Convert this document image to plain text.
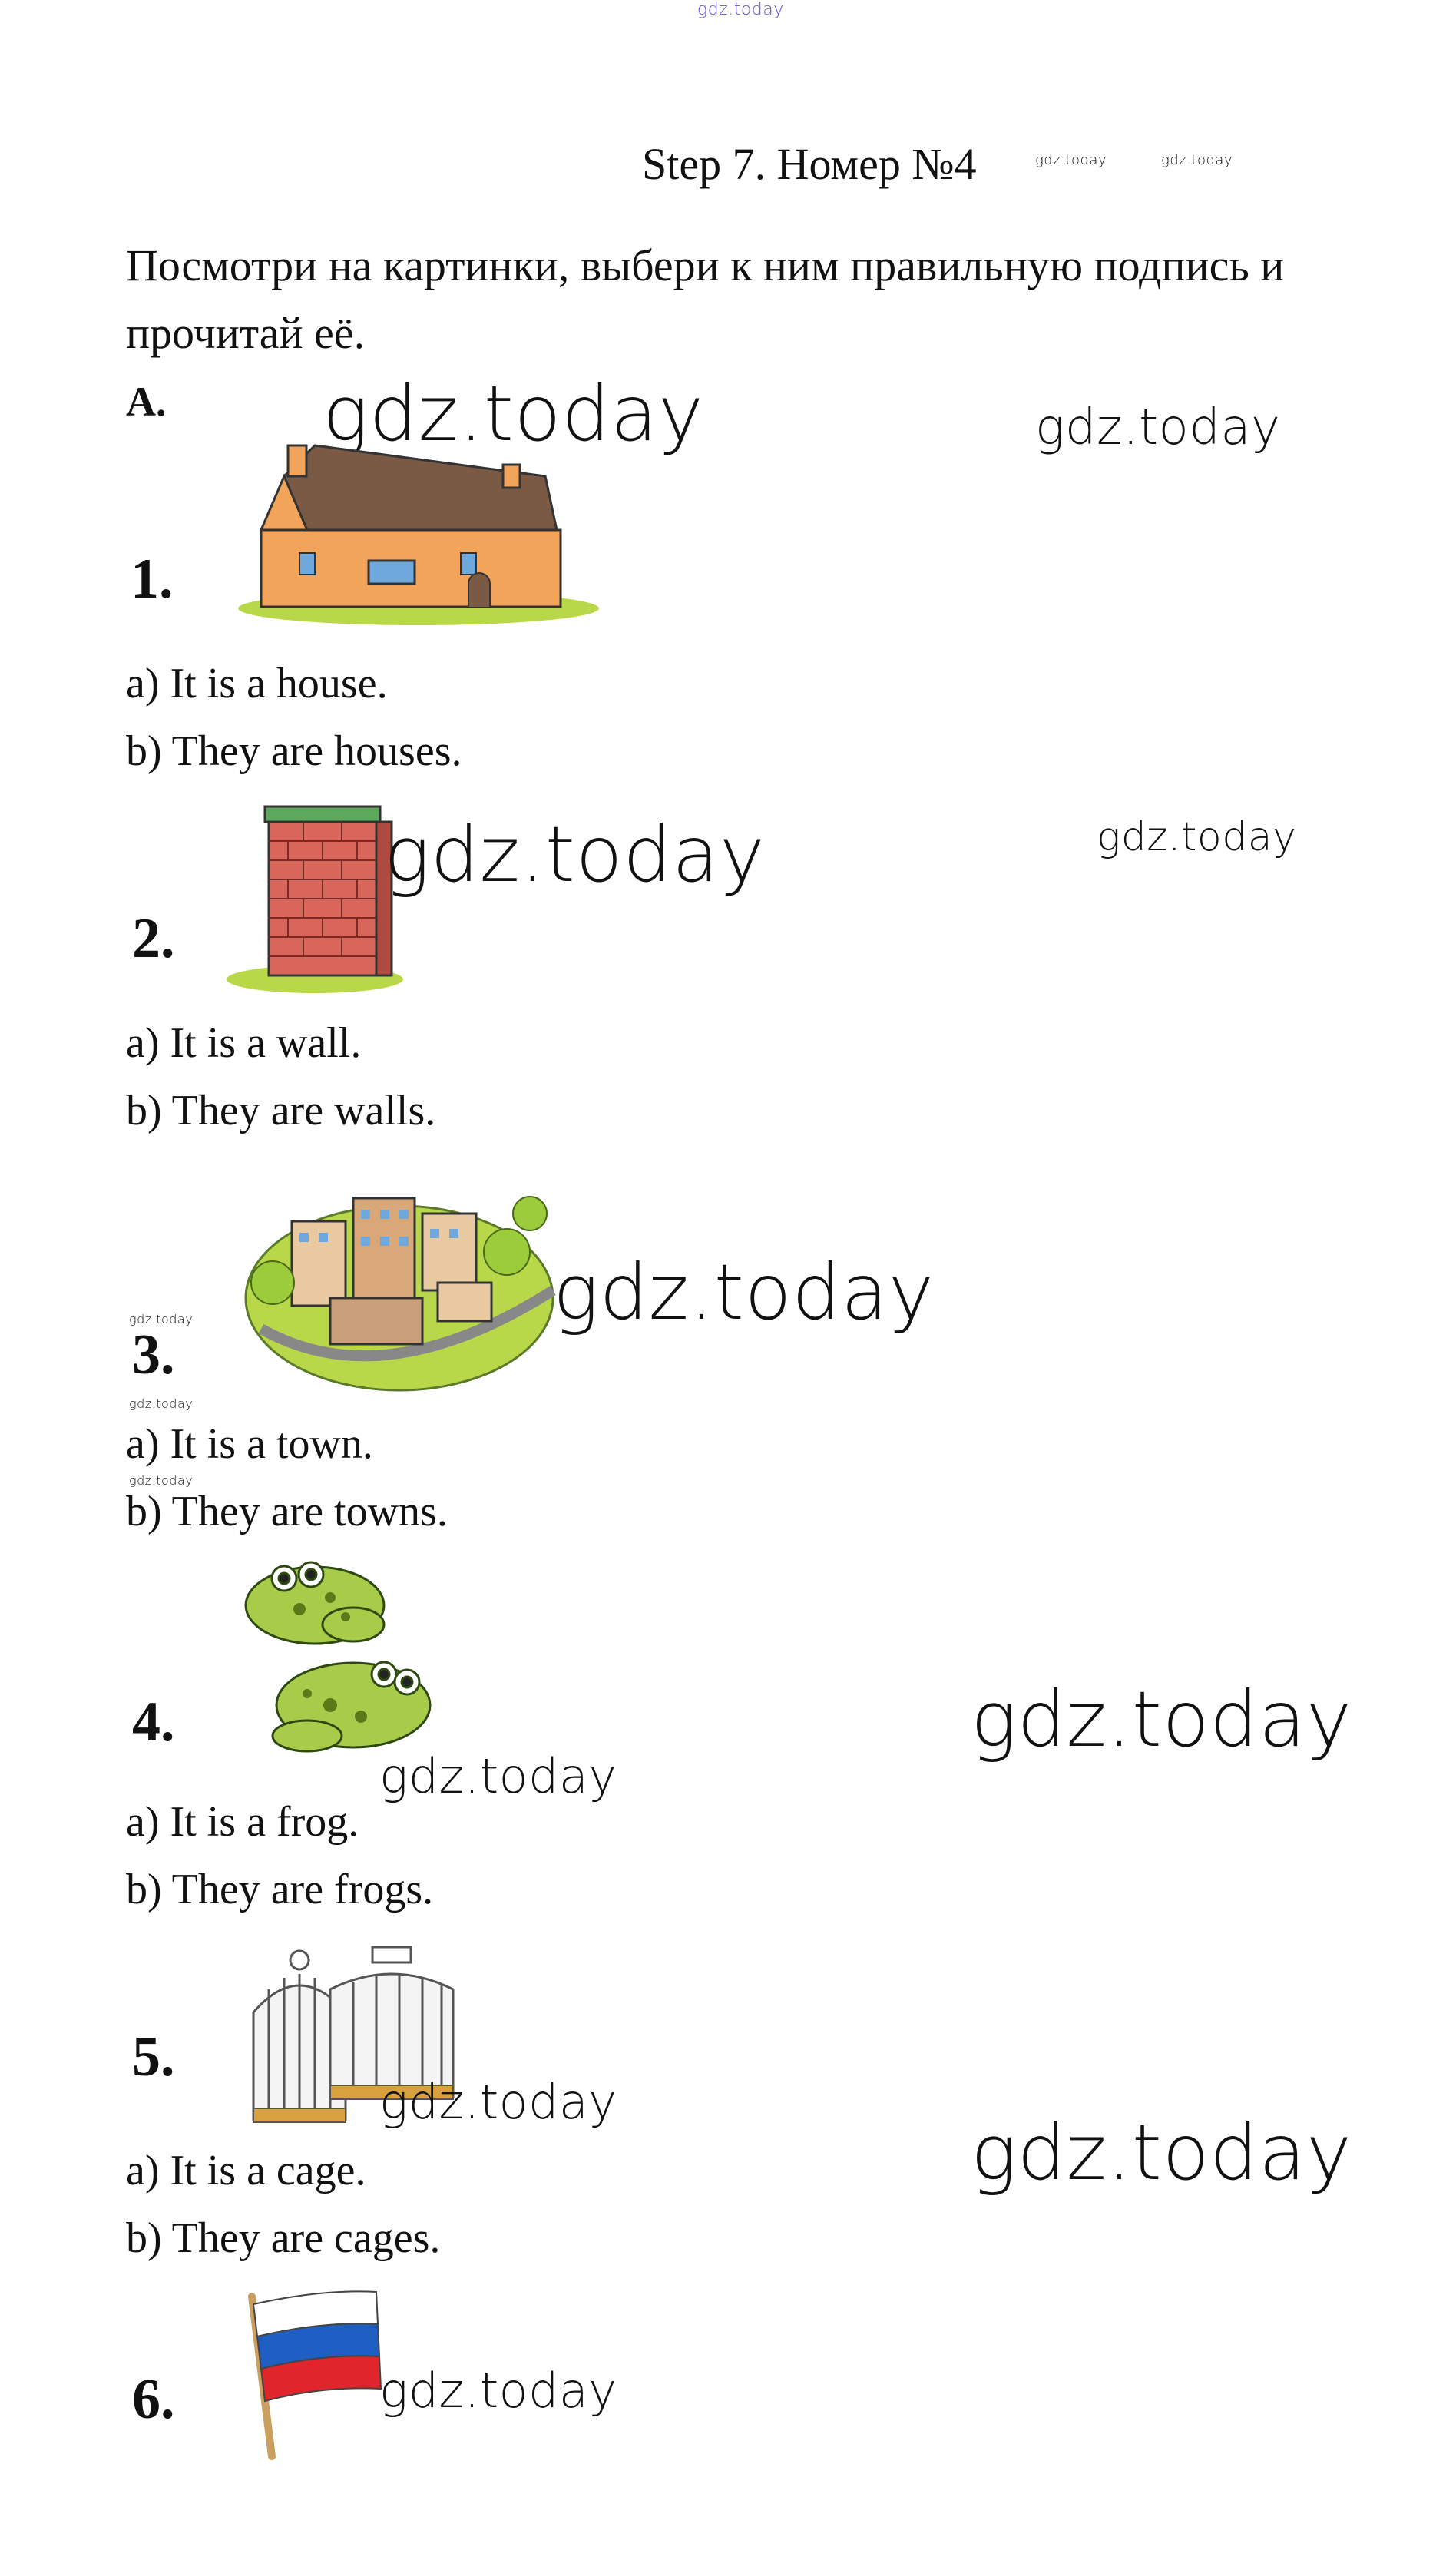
gdz.today
Step 7. Номер №4	gdz.today	gdz.today
Посмотри на картинки, выбери к ним правильную подпись и прочитай её.
A. gdz.today	gdz.today
1.
a) It is a house.
b) They are houses.
2.
gdz.today	gdz.today
a) It is a wall.
b) They are walls.
3.
gdz.today
gdz.today
gdz.today
gdz.today
a) It is a town.
b) They are towns.
4.
gdz.today
gdz.today
a) It is a frog.
b) They are frogs.
5.
gdz.today
gdz.today
a) It is a cage.
b) They are cages.
6.	gdz.today
